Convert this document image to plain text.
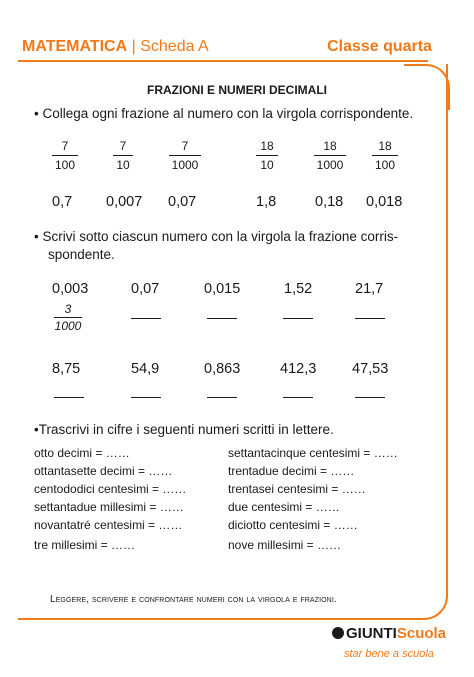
MATEMATICA | Scheda A	Classe quarta
FRAZIONI E NUMERI DECIMALI
• Collega ogni frazione al numero con la virgola corrispondente.
7
100
7
10
7
1000
18
10
18
1000
18
100
0,7 0,007 0,07	1,8	0,18 0,018
• Scrivi sotto ciascun numero con la virgola la frazione corris-
spondente.
0,003	0,07	0,015	1,52	21,7
3
1000
8,75	54,9	0,863	412,3 47,53
•Trascrivi in cifre i seguenti numeri scritti in lettere.
otto decimi = ……
ottantasette decimi = ……
centododici centesimi = ……
settantadue millesimi = ……
novantatré centesimi = ……
tre millesimi = ……
settantacinque centesimi = ……
trentadue decimi = ……
trentasei centesimi = ……
due centesimi = ……
diciotto centesimi = ……
nove millesimi = ……
Leggere, scrivere e confrontare numeri con la virgola e frazioni.
GIUNTIScuola
star bene a scuola
